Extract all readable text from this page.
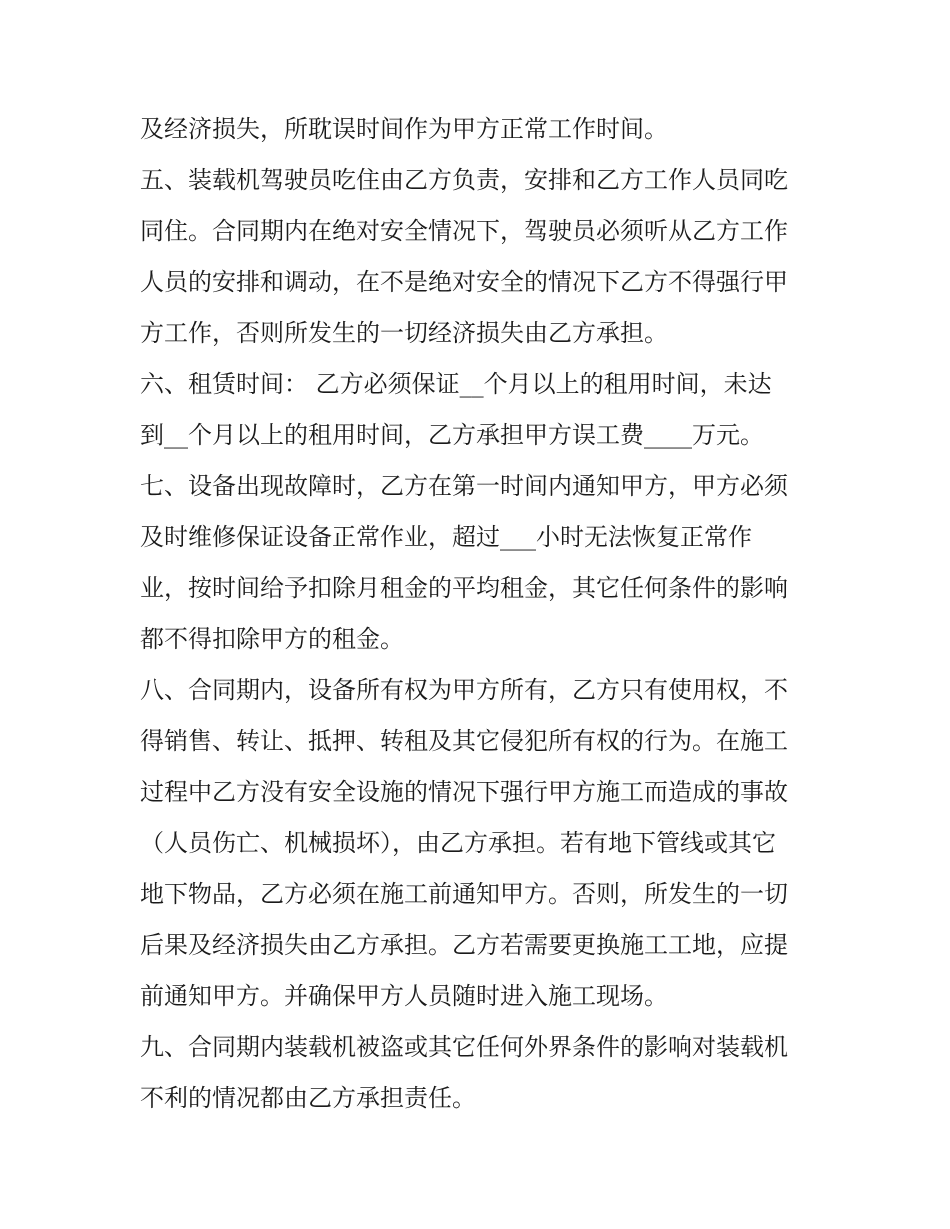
及经济损失，所耽误时间作为甲方正常工作时间。
五、装载机驾驶员吃住由乙方负责，安排和乙方工作人员同吃
同住。合同期内在绝对安全情况下，驾驶员必须听从乙方工作
人员的安排和调动，在不是绝对安全的情况下乙方不得强行甲
方工作，否则所发生的一切经济损失由乙方承担。
六、租赁时间： 乙方必须保证__个月以上的租用时间，未达
到__个月以上的租用时间，乙方承担甲方误工费____万元。
七、设备出现故障时，乙方在第一时间内通知甲方，甲方必须
及时维修保证设备正常作业，超过___小时无法恢复正常作
业，按时间给予扣除月租金的平均租金，其它任何条件的影响
都不得扣除甲方的租金。
八、合同期内，设备所有权为甲方所有，乙方只有使用权，不
得销售、转让、抵押、转租及其它侵犯所有权的行为。在施工
过程中乙方没有安全设施的情况下强行甲方施工而造成的事故
（人员伤亡、机械损坏），由乙方承担。若有地下管线或其它
地下物品，乙方必须在施工前通知甲方。否则，所发生的一切
后果及经济损失由乙方承担。乙方若需要更换施工工地，应提
前通知甲方。并确保甲方人员随时进入施工现场。
九、合同期内装载机被盗或其它任何外界条件的影响对装载机
不利的情况都由乙方承担责任。
